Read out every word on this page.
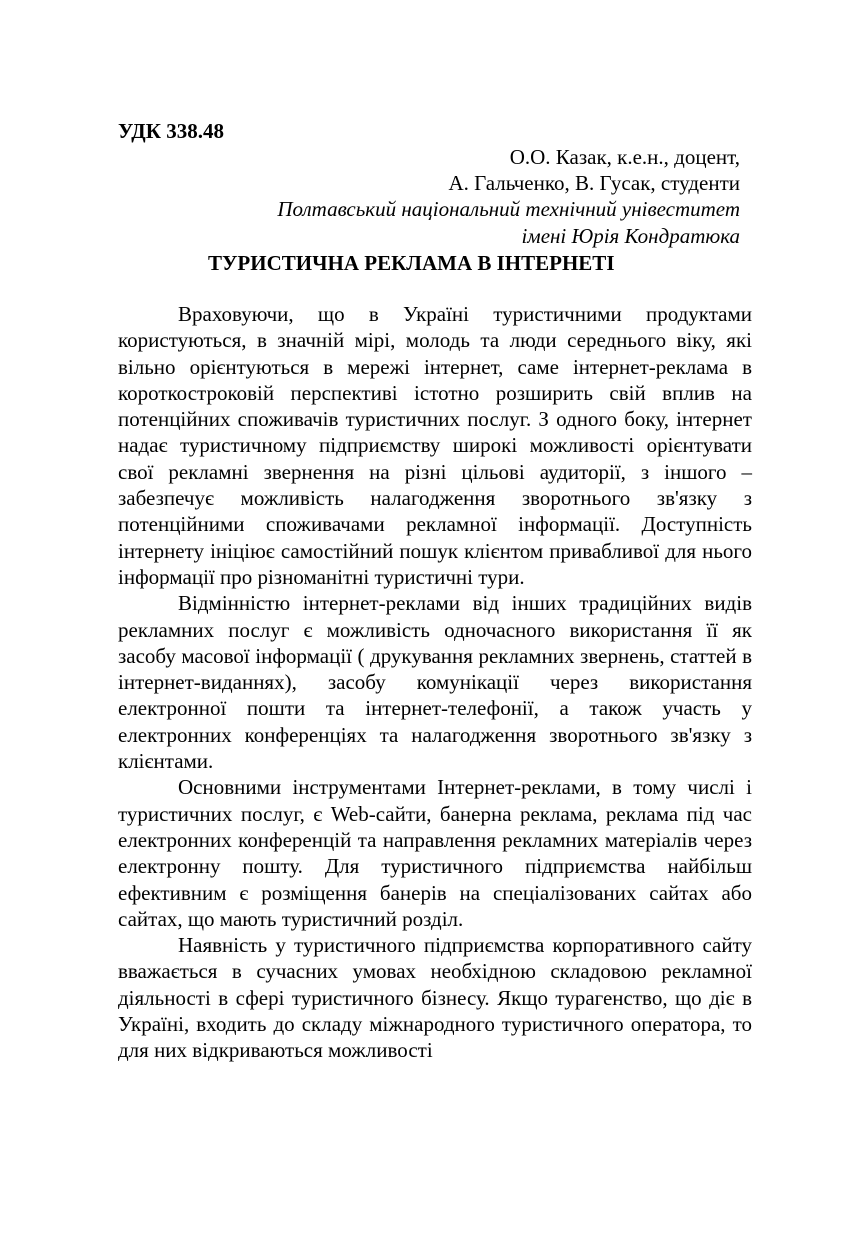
УДК 338.48

О.О. Казак, к.е.н., доцент,

А. Гальченко, В. Гусак, студенти

Полтавський національний технічний унівеститет

імені Юрія Кондратюка

ТУРИСТИЧНА РЕКЛАМА В ІНТЕРНЕТІ

Враховуючи, що в Україні туристичними продуктами користуються, в значній мірі, молодь та люди середнього віку, які вільно орієнтуються в мережі інтернет, саме інтернет-реклама в короткостроковій перспективі істотно розширить свій вплив на потенційних споживачів туристичних послуг. З одного боку, інтернет надає туристичному підприємству широкі можливості орієнтувати свої рекламні звернення на різні цільові аудиторії, з іншого – забезпечує можливість налагодження зворотнього зв'язку з потенційними споживачами рекламної інформації. Доступність інтернету ініціює самостійний пошук клієнтом привабливої для нього інформації про різноманітні туристичні тури.

Відмінністю інтернет-реклами від інших традиційних видів рекламних послуг є можливість одночасного використання її як засобу масової інформації ( друкування рекламних звернень, статтей в інтернет-виданнях), засобу комунікації через використання електронної пошти та інтернет-телефонії, а також участь у електронних конференціях та налагодження зворотнього зв'язку з клієнтами.

Основними інструментами Інтернет-реклами, в тому числі і туристичних послуг, є Web-сайти, банерна реклама, реклама під час електронних конференцій та направлення рекламних матеріалів через електронну пошту. Для туристичного підприємства найбільш ефективним є розміщення банерів на спеціалізованих сайтах або сайтах, що мають туристичний розділ.

Наявність у туристичного підприємства корпоративного сайту вважається в сучасних умовах необхідною складовою рекламної діяльності в сфері туристичного бізнесу. Якщо турагенство, що діє в Україні, входить до складу міжнародного туристичного оператора, то для них відкриваються можливості
